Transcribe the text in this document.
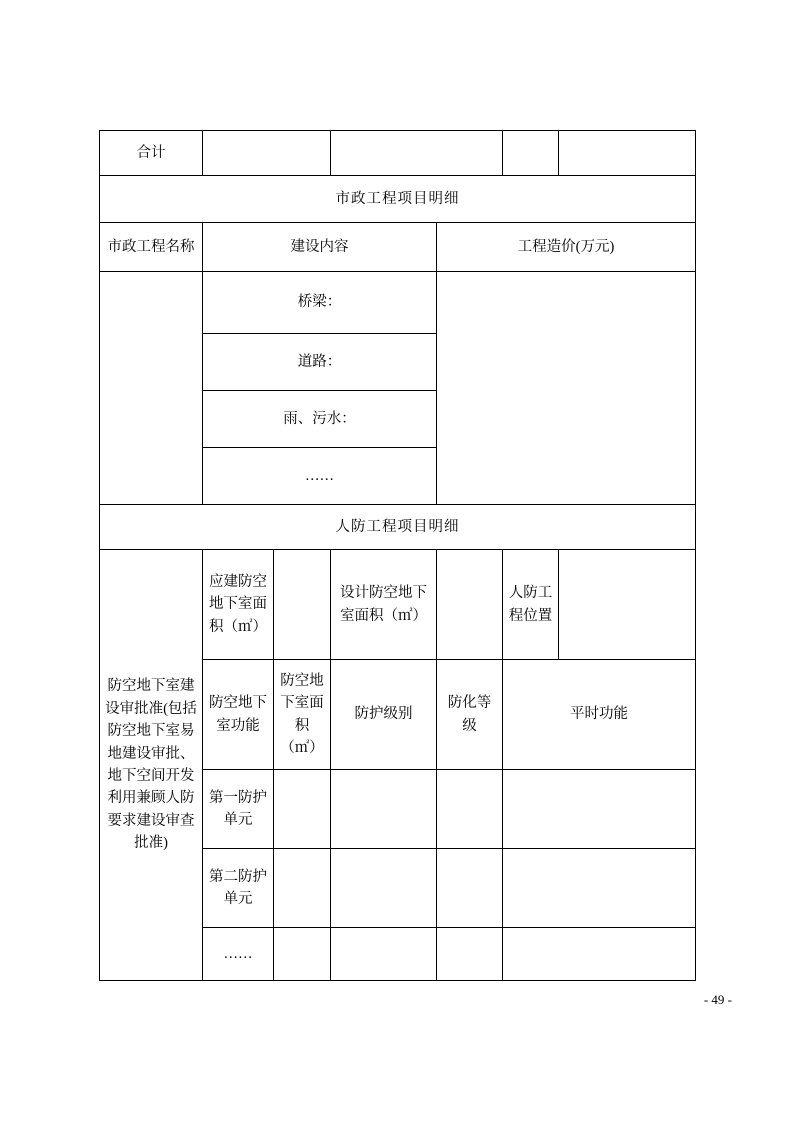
合计						
市政工程项目明细						
市政工程名称	建设内容			工程造价(万元)		
	桥梁：					
	道路：					
	雨、污水：					
	……					
人防工程项目明细						
防空地下室建设审批准(包括防空地下室易地建设审批、地下空间开发利用兼顾人防要求建设审查批准)	应建防空地下室面积（㎡）		设计防空地下室面积（㎡）		人防工程位置	
	防空地下室功能	防空地下室面积（㎡）	防护级别	防化等级	平时功能	
	第一防护单元					
	第二防护单元					
	……					
- 49 -
